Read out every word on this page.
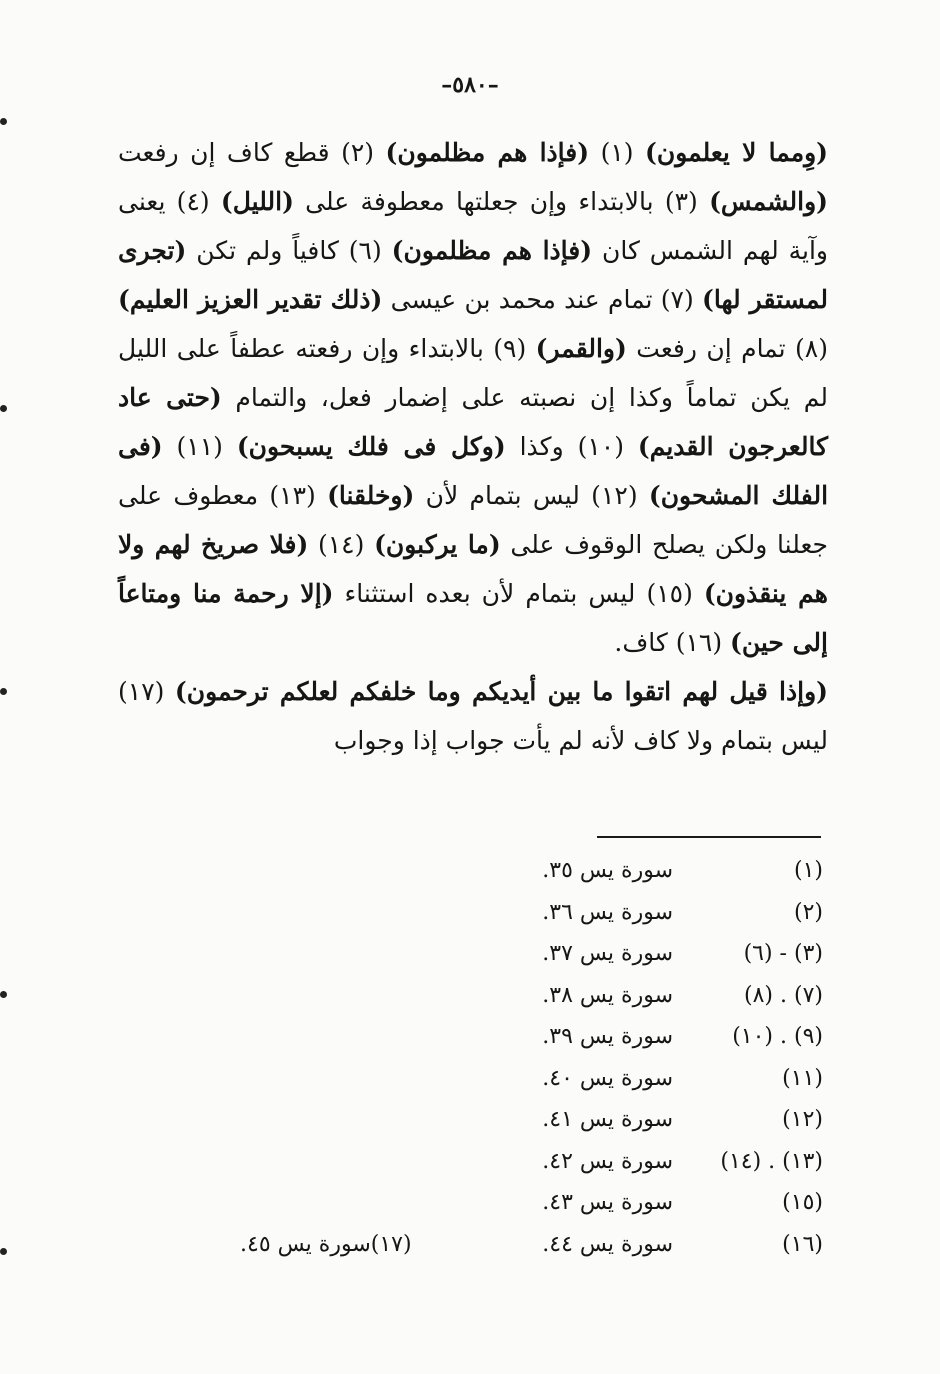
–٥٨٠–

(وِمما لا يعلمون) (١) (فإذا هم مظلمون) (٢) قطع كاف إن رفعت (والشمس) (٣) بالابتداء وإن جعلتها معطوفة على (الليل) (٤) يعنى وآية لهم الشمس كان (فإذا هم مظلمون) (٦) كافياً ولم تكن (تجرى لمستقر لها) (٧) تمام عند محمد بن عيسى (ذلك تقدير العزيز العليم) (٨) تمام إن رفعت (والقمر) (٩) بالابتداء وإن رفعته عطفاً على الليل لم يكن تماماً وكذا إن نصبته على إضمار فعل، والتمام (حتى عاد كالعرجون القديم) (١٠) وكذا (وكل فى فلك يسبحون) (١١) (فى الفلك المشحون) (١٢) ليس بتمام لأن (وخلقنا) (١٣) معطوف على جعلنا ولكن يصلح الوقوف على (ما يركبون) (١٤) (فلا صريخ لهم ولا هم ينقذون) (١٥) ليس بتمام لأن بعده استثناء (إلا رحمة منا ومتاعاً إلى حين) (١٦) كاف.

(وإذا قيل لهم اتقوا ما بين أيديكم وما خلفكم لعلكم ترحمون) (١٧) ليس بتمام ولا كاف لأنه لم يأت جواب إذا وجواب

(١)
سورة يس ٣٥.
(٢)
سورة يس ٣٦.
(٣) - (٦)
سورة يس ٣٧.
(٧) . (٨)
سورة يس ٣٨.
(٩) . (١٠)
سورة يس ٣٩.
(١١)
سورة يس ٤٠.
(١٢)
سورة يس ٤١.
(١٣) . (١٤)
سورة يس ٤٢.
(١٥)
سورة يس ٤٣.
(١٦)
سورة يس ٤٤.
(١٧)سورة يس ٤٥.
